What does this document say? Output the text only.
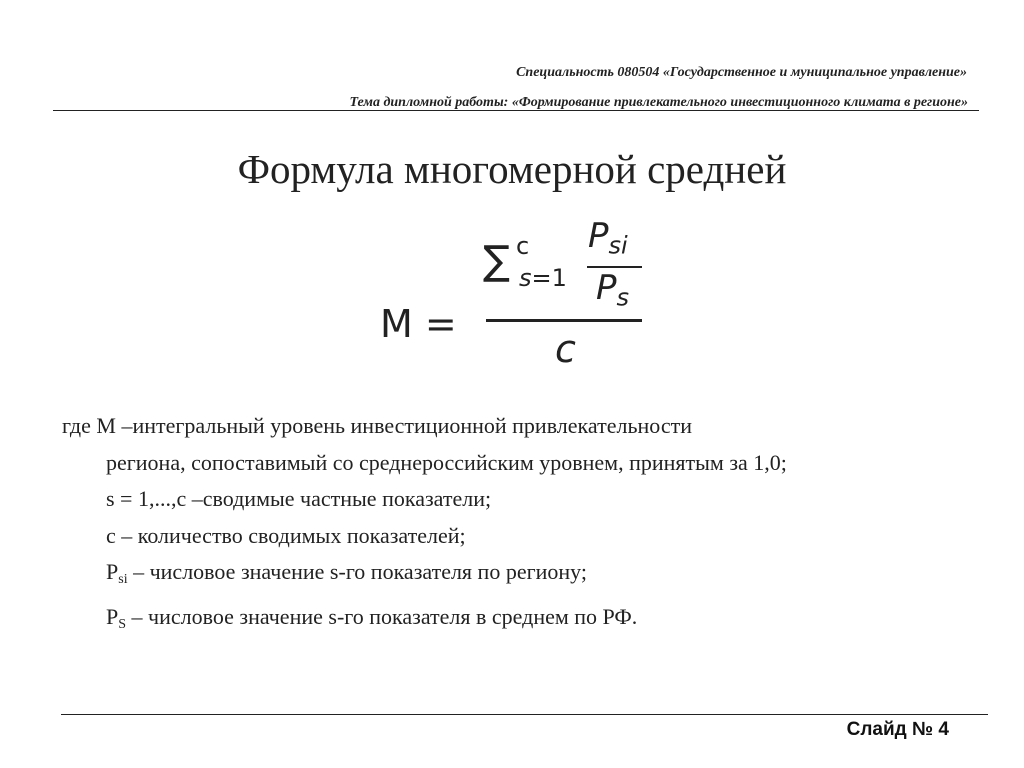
Специальность 080504 «Государственное и муниципальное управление»
Тема дипломной работы: «Формирование привлекательного инвестиционного климата в регионе»
Формула многомерной средней
M =
∑ c
s=1
$P_{si}$
$P_s$
c
где М –интегральный уровень инвестиционной привлекательности
региона, сопоставимый со среднероссийским уровнем, принятым за 1,0;
s = 1,...,c –сводимые частные показатели;
с – количество сводимых показателей;
$P_{si}$ – числовое значение s-го показателя по региону;
$P_S$ – числовое значение s-го показателя в среднем по РФ.
Слайд № 4
